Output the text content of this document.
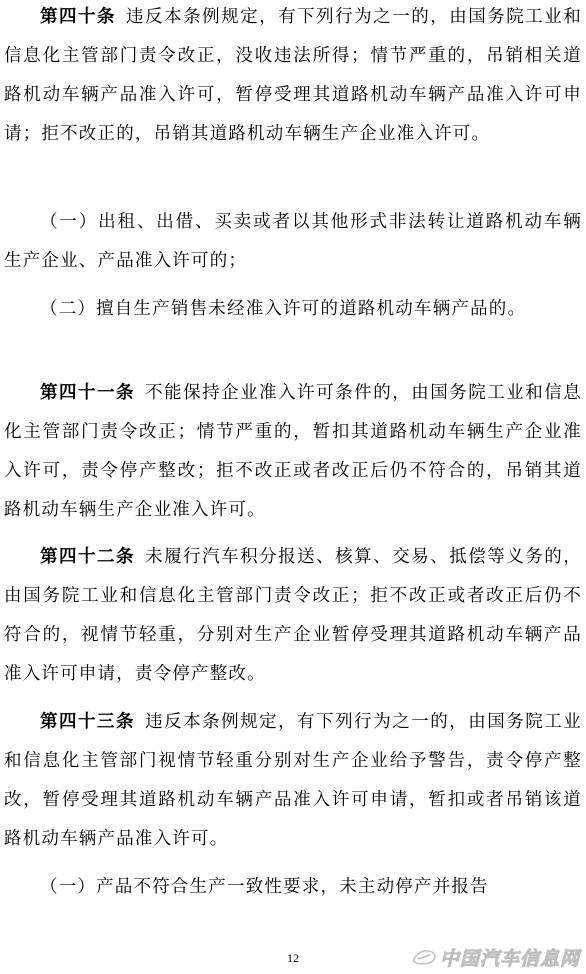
第四十条 违反本条例规定，有下列行为之一的，由国务院工业和信息化主管部门责令改正，没收违法所得；情节严重的，吊销相关道路机动车辆产品准入许可，暂停受理其道路机动车辆产品准入许可申请；拒不改正的，吊销其道路机动车辆生产企业准入许可。

（一）出租、出借、买卖或者以其他形式非法转让道路机动车辆生产企业、产品准入许可的；

（二）擅自生产销售未经准入许可的道路机动车辆产品的。

第四十一条 不能保持企业准入许可条件的，由国务院工业和信息化主管部门责令改正；情节严重的，暂扣其道路机动车辆生产企业准入许可，责令停产整改；拒不改正或者改正后仍不符合的，吊销其道路机动车辆生产企业准入许可。

第四十二条 未履行汽车积分报送、核算、交易、抵偿等义务的，由国务院工业和信息化主管部门责令改正；拒不改正或者改正后仍不符合的，视情节轻重，分别对生产企业暂停受理其道路机动车辆产品准入许可申请，责令停产整改。

第四十三条 违反本条例规定，有下列行为之一的，由国务院工业和信息化主管部门视情节轻重分别对生产企业给予警告，责令停产整改，暂停受理其道路机动车辆产品准入许可申请，暂扣或者吊销该道路机动车辆产品准入许可。

（一）产品不符合生产一致性要求，未主动停产并报告

12	中国汽车信息网
